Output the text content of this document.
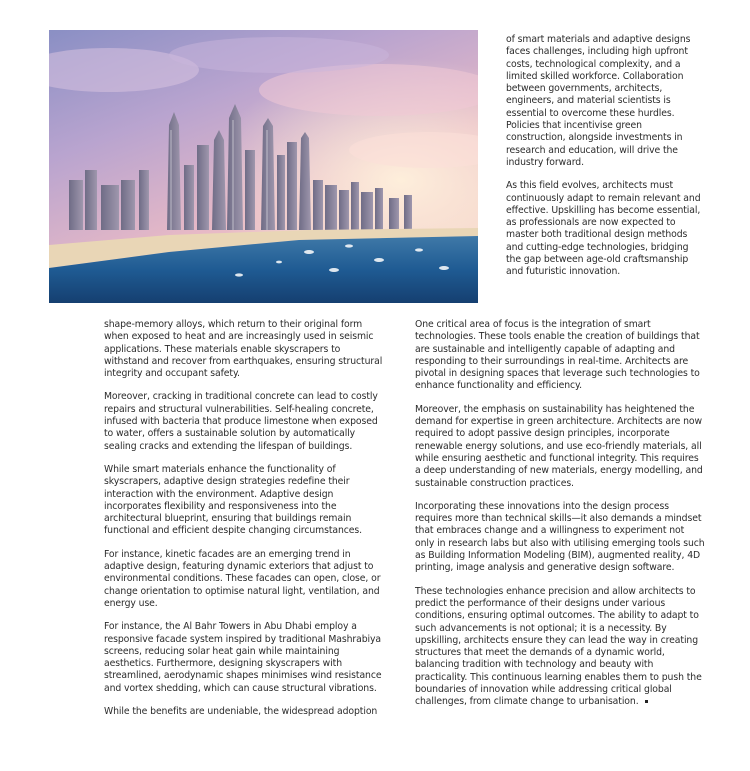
of smart materials and adaptive designs faces challenges, including high upfront costs, technological complexity, and a limited skilled workforce. Collaboration between governments, architects, engineers, and material scientists is essential to overcome these hurdles. Policies that incentivise green construction, alongside investments in research and education, will drive the industry forward.

As this field evolves, architects must continuously adapt to remain relevant and effective. Upskilling has become essential, as professionals are now expected to master both traditional design methods and cutting-edge technologies, bridging the gap between age-old craftsmanship and futuristic innovation.

shape-memory alloys, which return to their original form when exposed to heat and are increasingly used in seismic applications. These materials enable skyscrapers to withstand and recover from earthquakes, ensuring structural integrity and occupant safety.

Moreover, cracking in traditional concrete can lead to costly repairs and structural vulnerabilities. Self-healing concrete, infused with bacteria that produce limestone when exposed to water, offers a sustainable solution by automatically sealing cracks and extending the lifespan of buildings.

While smart materials enhance the functionality of skyscrapers, adaptive design strategies redefine their interaction with the environment. Adaptive design incorporates flexibility and responsiveness into the architectural blueprint, ensuring that buildings remain functional and efficient despite changing circumstances.

For instance, kinetic facades are an emerging trend in adaptive design, featuring dynamic exteriors that adjust to environmental conditions. These facades can open, close, or change orientation to optimise natural light, ventilation, and energy use.

For instance, the Al Bahr Towers in Abu Dhabi employ a responsive facade system inspired by traditional Mashrabiya screens, reducing solar heat gain while maintaining aesthetics. Furthermore, designing skyscrapers with streamlined, aerodynamic shapes minimises wind resistance and vortex shedding, which can cause structural vibrations.

While the benefits are undeniable, the widespread adoption

One critical area of focus is the integration of smart technologies. These tools enable the creation of buildings that are sustainable and intelligently capable of adapting and responding to their surroundings in real-time. Architects are pivotal in designing spaces that leverage such technologies to enhance functionality and efficiency.

Moreover, the emphasis on sustainability has heightened the demand for expertise in green architecture. Architects are now required to adopt passive design principles, incorporate renewable energy solutions, and use eco-friendly materials, all while ensuring aesthetic and functional integrity. This requires a deep understanding of new materials, energy modelling, and sustainable construction practices.

Incorporating these innovations into the design process requires more than technical skills—it also demands a mindset that embraces change and a willingness to experiment not only in research labs but also with utilising emerging tools such as Building Information Modeling (BIM), augmented reality, 4D printing, image analysis and generative design software.

These technologies enhance precision and allow architects to predict the performance of their designs under various conditions, ensuring optimal outcomes. The ability to adapt to such advancements is not optional; it is a necessity. By upskilling, architects ensure they can lead the way in creating structures that meet the demands of a dynamic world, balancing tradition with technology and beauty with practicality. This continuous learning enables them to push the boundaries of innovation while addressing critical global challenges, from climate change to urbanisation.
